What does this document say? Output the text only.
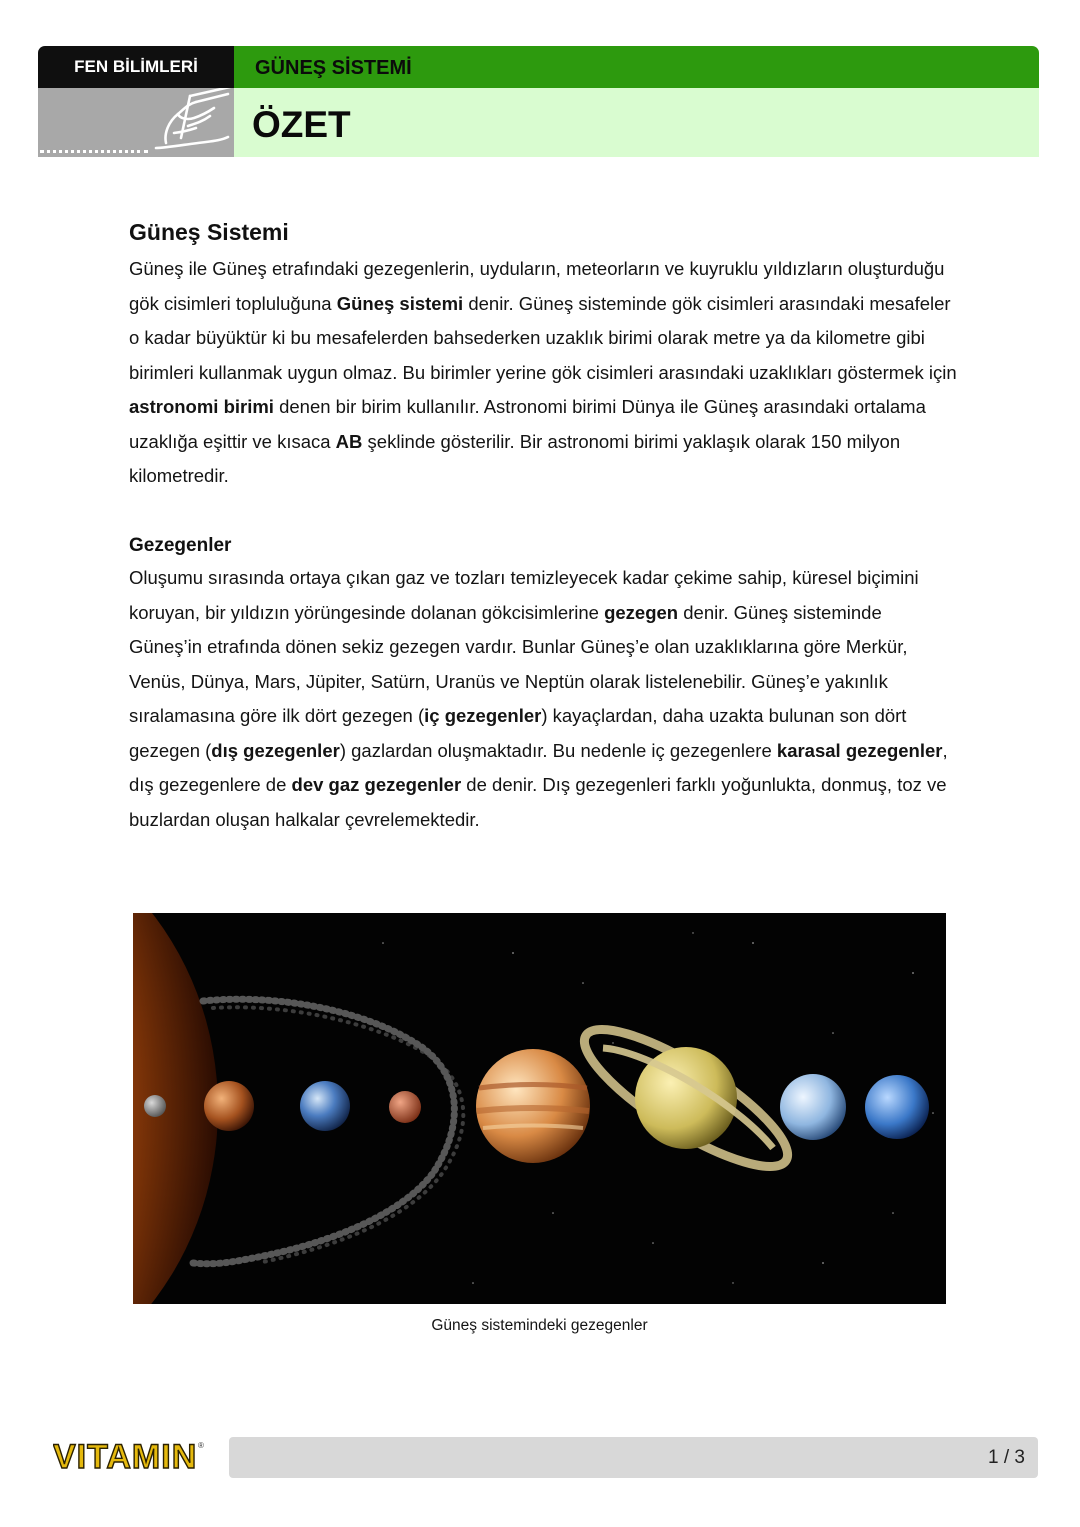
FEN BİLİMLERİ	GÜNEŞ SİSTEMİ
ÖZET
Güneş Sistemi

Güneş ile Güneş etrafındaki gezegenlerin, uyduların, meteorların ve kuyruklu yıldızların oluşturduğu gök cisimleri topluluğuna Güneş sistemi denir. Güneş sisteminde gök cisimleri arasındaki mesafeler o kadar büyüktür ki bu mesafelerden bahsederken uzaklık birimi olarak metre ya da kilometre gibi birimleri kullanmak uygun olmaz. Bu birimler yerine gök cisimleri arasındaki uzaklıkları göstermek için astronomi birimi denen bir birim kullanılır. Astronomi birimi Dünya ile Güneş arasındaki ortalama uzaklığa eşittir ve kısaca AB şeklinde gösterilir. Bir astronomi birimi yaklaşık olarak 150 milyon kilometredir.

Gezegenler

Oluşumu sırasında ortaya çıkan gaz ve tozları temizleyecek kadar çekime sahip, küresel biçimini koruyan, bir yıldızın yörüngesinde dolanan gökcisimlerine gezegen denir. Güneş sisteminde Güneş’in etrafında dönen sekiz gezegen vardır. Bunlar Güneş’e olan uzaklıklarına göre Merkür, Venüs, Dünya, Mars, Jüpiter, Satürn, Uranüs ve Neptün olarak listelenebilir. Güneş’e yakınlık sıralamasına göre ilk dört gezegen (iç gezegenler) kayaçlardan, daha uzakta bulunan son dört gezegen (dış gezegenler) gazlardan oluşmaktadır. Bu nedenle iç gezegenlere karasal gezegenler, dış gezegenlere de dev gaz gezegenler de denir. Dış gezegenleri farklı yoğunlukta, donmuş, toz ve buzlardan oluşan halkalar çevrelemektedir.

Güneş sistemindeki gezegenler
VITAMIN ®
1 / 3
